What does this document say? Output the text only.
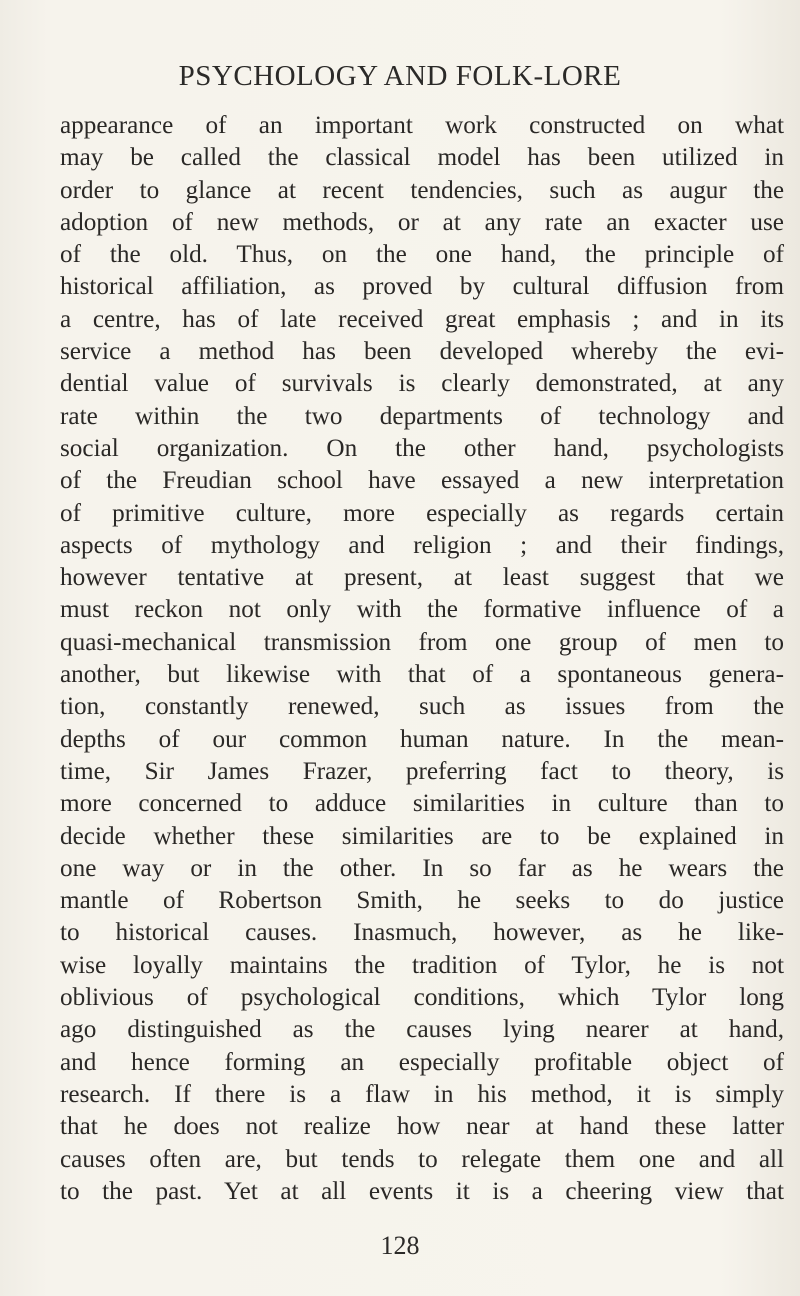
PSYCHOLOGY AND FOLK-LORE
appearance of an important work constructed on what
may be called the classical model has been utilized in
order to glance at recent tendencies, such as augur the
adoption of new methods, or at any rate an exacter use
of the old. Thus, on the one hand, the principle of
historical affiliation, as proved by cultural diffusion from
a centre, has of late received great emphasis ; and in its
service a method has been developed whereby the evi-
dential value of survivals is clearly demonstrated, at any
rate within the two departments of technology and
social organization. On the other hand, psychologists
of the Freudian school have essayed a new interpretation
of primitive culture, more especially as regards certain
aspects of mythology and religion ; and their findings,
however tentative at present, at least suggest that we
must reckon not only with the formative influence of a
quasi-mechanical transmission from one group of men to
another, but likewise with that of a spontaneous genera-
tion, constantly renewed, such as issues from the
depths of our common human nature. In the mean-
time, Sir James Frazer, preferring fact to theory, is
more concerned to adduce similarities in culture than to
decide whether these similarities are to be explained in
one way or in the other. In so far as he wears the
mantle of Robertson Smith, he seeks to do justice
to historical causes. Inasmuch, however, as he like-
wise loyally maintains the tradition of Tylor, he is not
oblivious of psychological conditions, which Tylor long
ago distinguished as the causes lying nearer at hand,
and hence forming an especially profitable object of
research. If there is a flaw in his method, it is simply
that he does not realize how near at hand these latter
causes often are, but tends to relegate them one and all
to the past. Yet at all events it is a cheering view that
128
